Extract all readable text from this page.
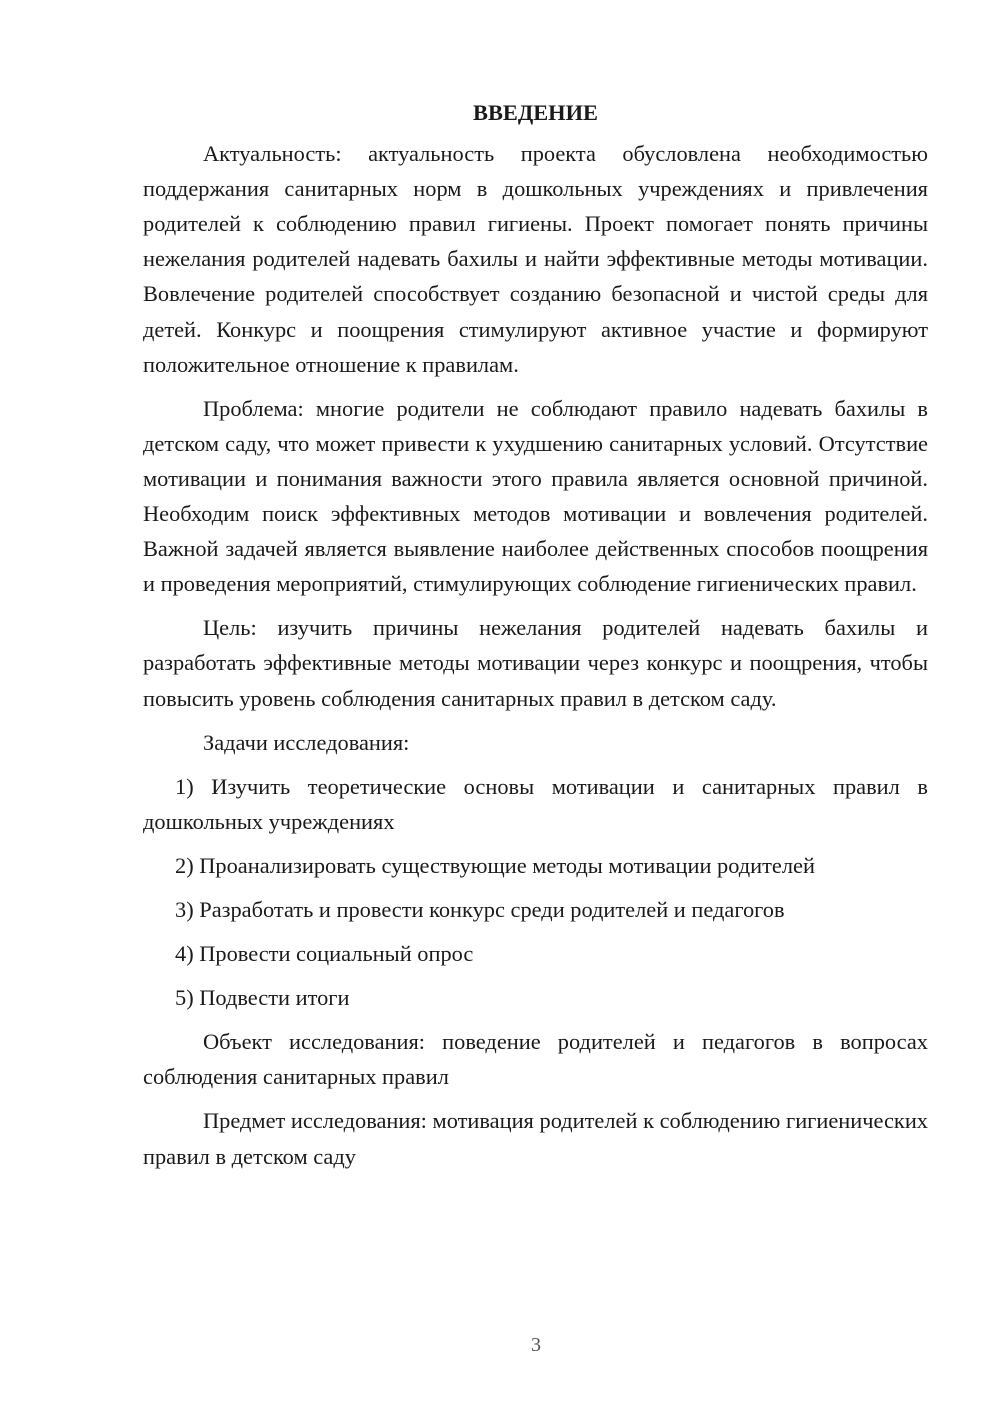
ВВЕДЕНИЕ

Актуальность: актуальность проекта обусловлена необходимостью поддержания санитарных норм в дошкольных учреждениях и привлечения родителей к соблюдению правил гигиены. Проект помогает понять причины нежелания родителей надевать бахилы и найти эффективные методы мотивации. Вовлечение родителей способствует созданию безопасной и чистой среды для детей. Конкурс и поощрения стимулируют активное участие и формируют положительное отношение к правилам.

Проблема: многие родители не соблюдают правило надевать бахилы в детском саду, что может привести к ухудшению санитарных условий. Отсутствие мотивации и понимания важности этого правила является основной причиной. Необходим поиск эффективных методов мотивации и вовлечения родителей. Важной задачей является выявление наиболее действенных способов поощрения и проведения мероприятий, стимулирующих соблюдение гигиенических правил.

Цель: изучить причины нежелания родителей надевать бахилы и разработать эффективные методы мотивации через конкурс и поощрения, чтобы повысить уровень соблюдения санитарных правил в детском саду.

Задачи исследования:

1) Изучить теоретические основы мотивации и санитарных правил в дошкольных учреждениях

2) Проанализировать существующие методы мотивации родителей

3) Разработать и провести конкурс среди родителей и педагогов

4) Провести социальный опрос

5) Подвести итоги

Объект исследования: поведение родителей и педагогов в вопросах соблюдения санитарных правил

Предмет исследования: мотивация родителей к соблюдению гигиенических правил в детском саду

3
